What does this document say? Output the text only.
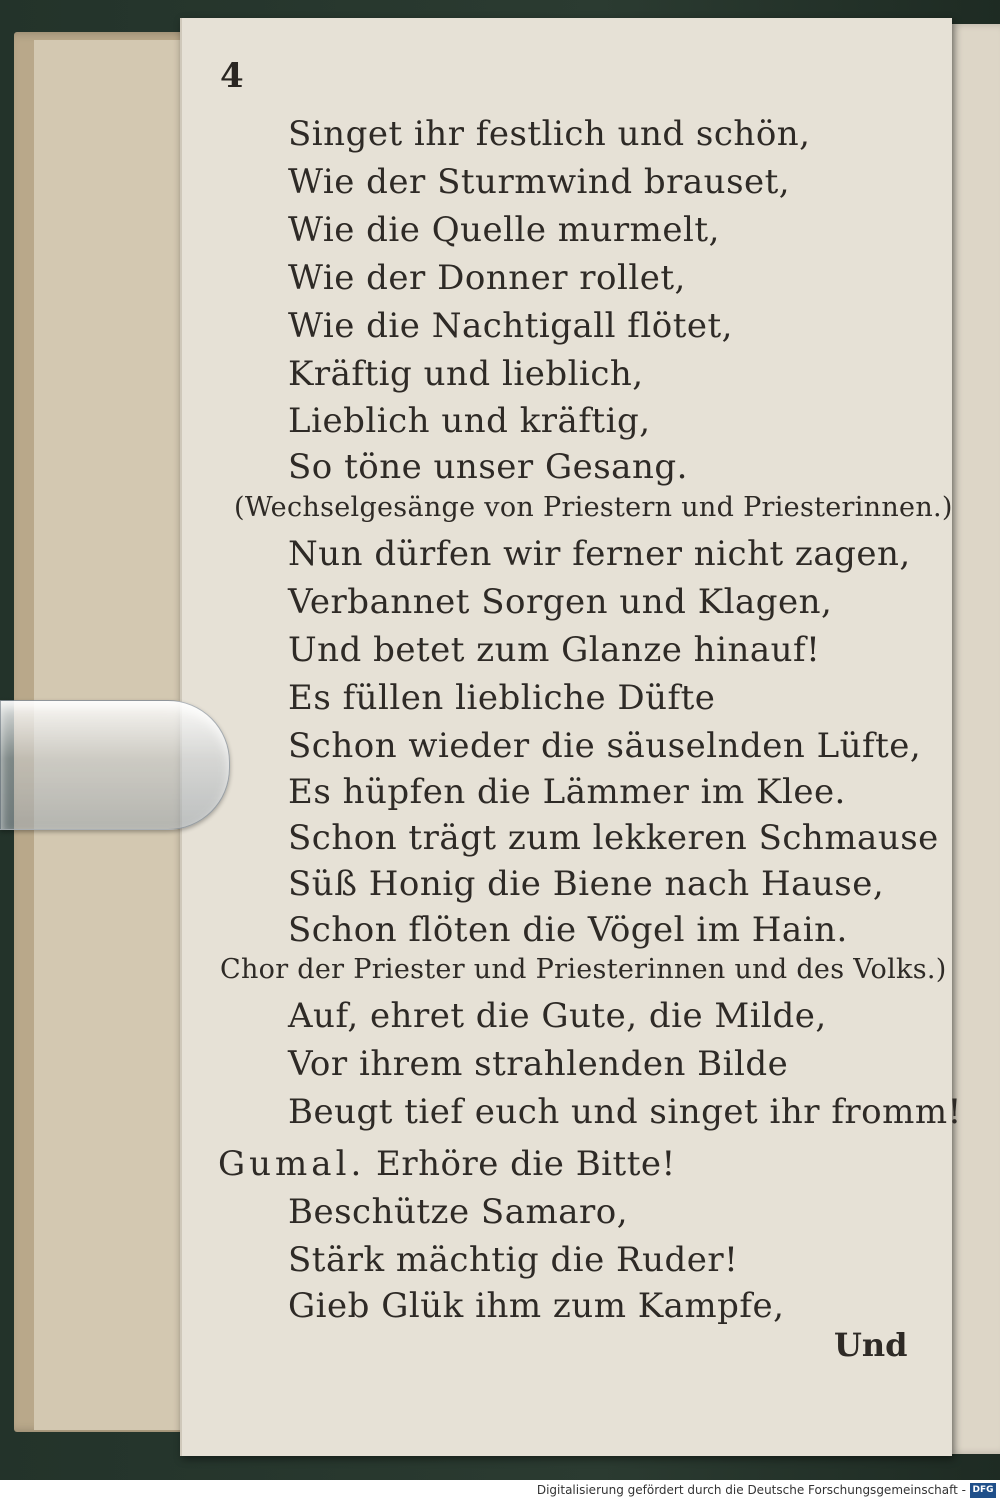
4
Singet ihr festlich und schön,
Wie der Sturmwind brauset,
Wie die Quelle murmelt,
Wie der Donner rollet,
Wie die Nachtigall flötet,
Kräftig und lieblich,
Lieblich und kräftig,
So töne unser Gesang.
(Wechselgesänge von Priestern und Priesterinnen.)
Nun dürfen wir ferner nicht zagen,
Verbannet Sorgen und Klagen,
Und betet zum Glanze hinauf!
Es füllen liebliche Düfte
Schon wieder die säuselnden Lüfte,
Es hüpfen die Lämmer im Klee.
Schon trägt zum lekkeren Schmause
Süß Honig die Biene nach Hause,
Schon flöten die Vögel im Hain.
Chor der Priester und Priesterinnen und des Volks.)
Auf, ehret die Gute, die Milde,
Vor ihrem strahlenden Bilde
Beugt tief euch und singet ihr fromm!
Gumal. Erhöre die Bitte!
Beschütze Samaro,
Stärk mächtig die Ruder!
Gieb Glük ihm zum Kampfe,
Und
Digitalisierung gefördert durch die Deutsche Forschungsgemeinschaft - DFG
